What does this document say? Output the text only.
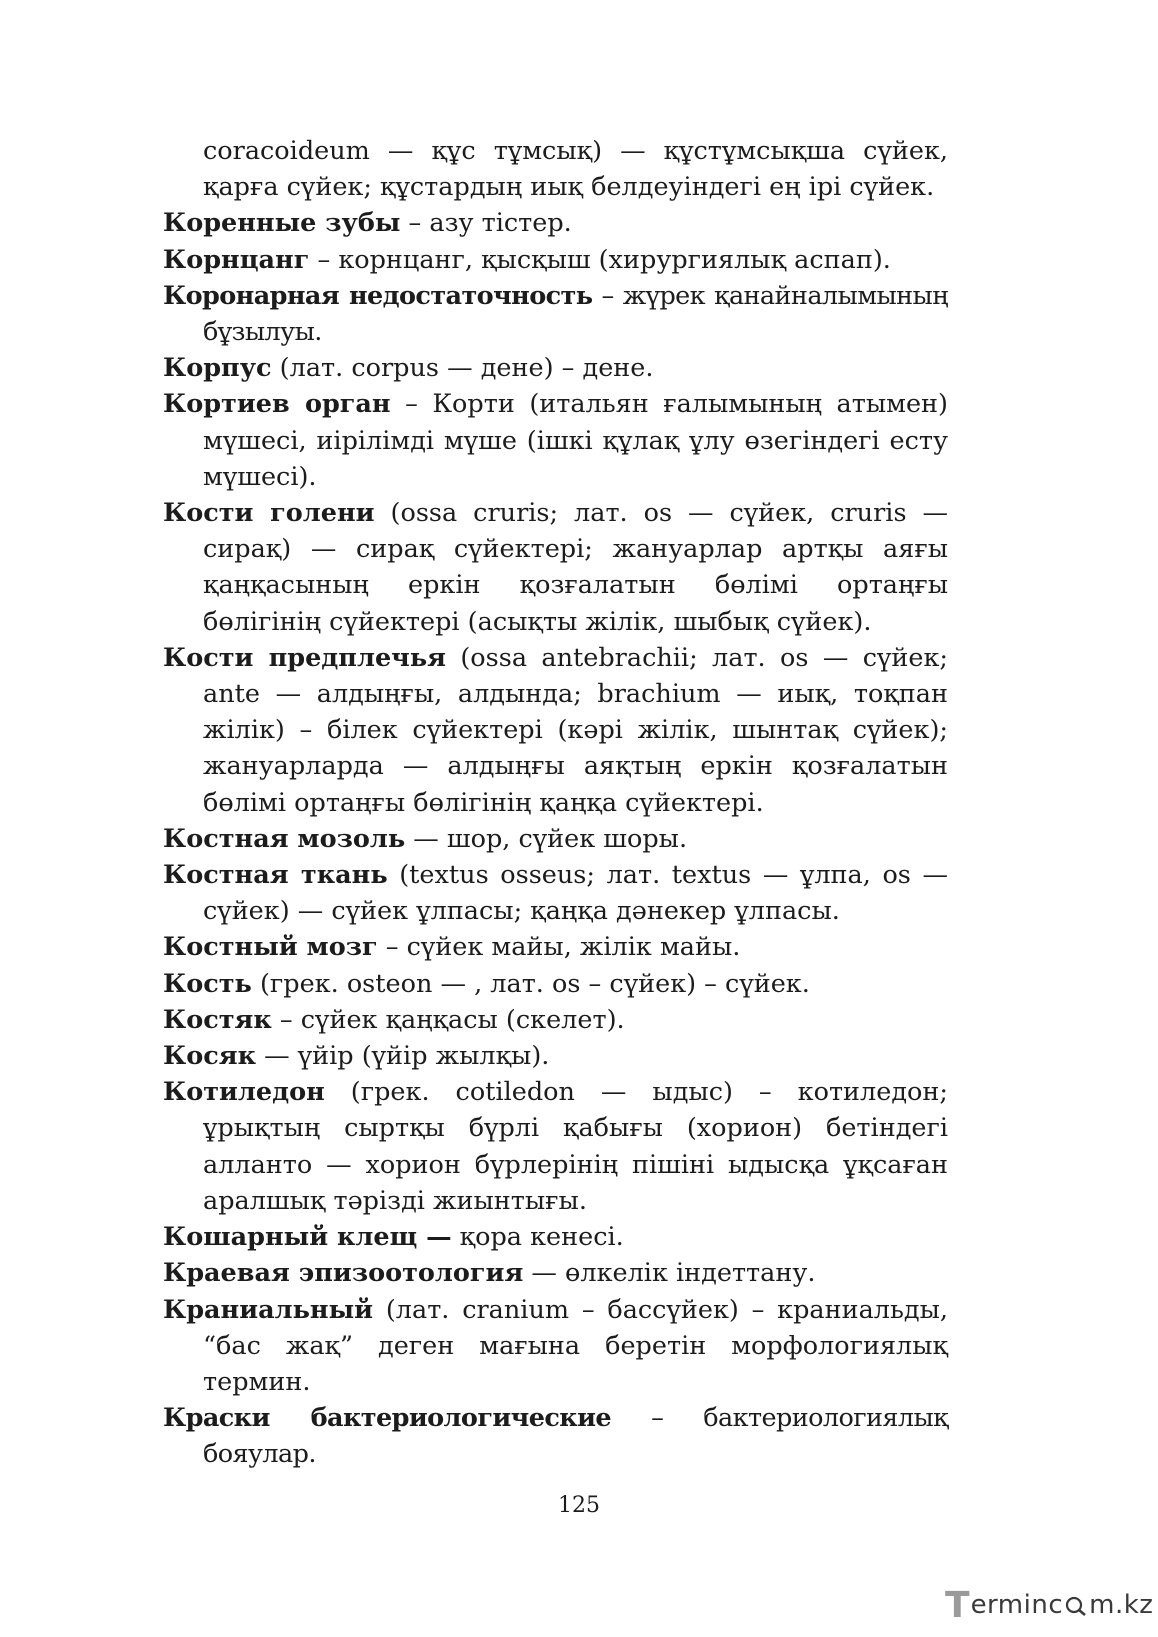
coracoideum — құс тұмсық) — құстұмсықша сүйек, қарға сүйек; құстардың иық белдеуіндегі ең ірі сүйек.
Коренные зубы – азу тістер.
Корнцанг – корнцанг, қысқыш (хирургиялық аспап).
Коронарная недостаточность – жүрек қанайналымының бұзылуы.
Корпус (лат. corpus — дене) – дене.
Кортиев орган – Корти (итальян ғалымының атымен) мүшесі, иірілімді мүше (ішкі құлақ ұлу өзегіндегі есту мүшесі).
Кости голени (ossa cruris; лат. os — сүйек, cruris — сирақ) — сирақ сүйектері; жануарлар артқы аяғы қаңқасының еркін қозғалатын бөлімі ортаңғы бөлігінің сүйектері (асықты жілік, шыбық сүйек).
Кости предплечья (ossa antebrachii; лат. os — сүйек; ante — алдыңғы, алдында; brachium — иық, тоқпан жілік) – білек сүйектері (кәрі жілік, шынтақ сүйек); жануарларда — алдыңғы аяқтың еркін қозғалатын бөлімі ортаңғы бөлігінің қаңқа сүйектері.
Костная мозоль — шор, сүйек шоры.
Костная ткань (textus osseus; лат. textus — ұлпа, os — сүйек) — сүйек ұлпасы; қаңқа дәнекер ұлпасы.
Костный мозг – сүйек майы, жілік майы.
Кость (грек. osteon — , лат. os – сүйек) – сүйек.
Костяк – сүйек қаңқасы (скелет).
Косяк — үйір (үйір жылқы).
Котиледон (грек. cotiledon — ыдыс) – котиледон; ұрықтың сыртқы бүрлі қабығы (хорион) бетіндегі алланто — хорион бүрлерінің пішіні ыдысқа ұқсаған аралшық тәрізді жиынтығы.
Кошарный клещ — қора кенесі.
Краевая эпизоотология — өлкелік індеттану.
Краниальный (лат. cranium – бассүйек) – краниальды, “бас жақ” деген мағына беретін морфологиялық термин.
Краски бактериологические – бактериологиялық бояулар.
125
T erminc m.kz
